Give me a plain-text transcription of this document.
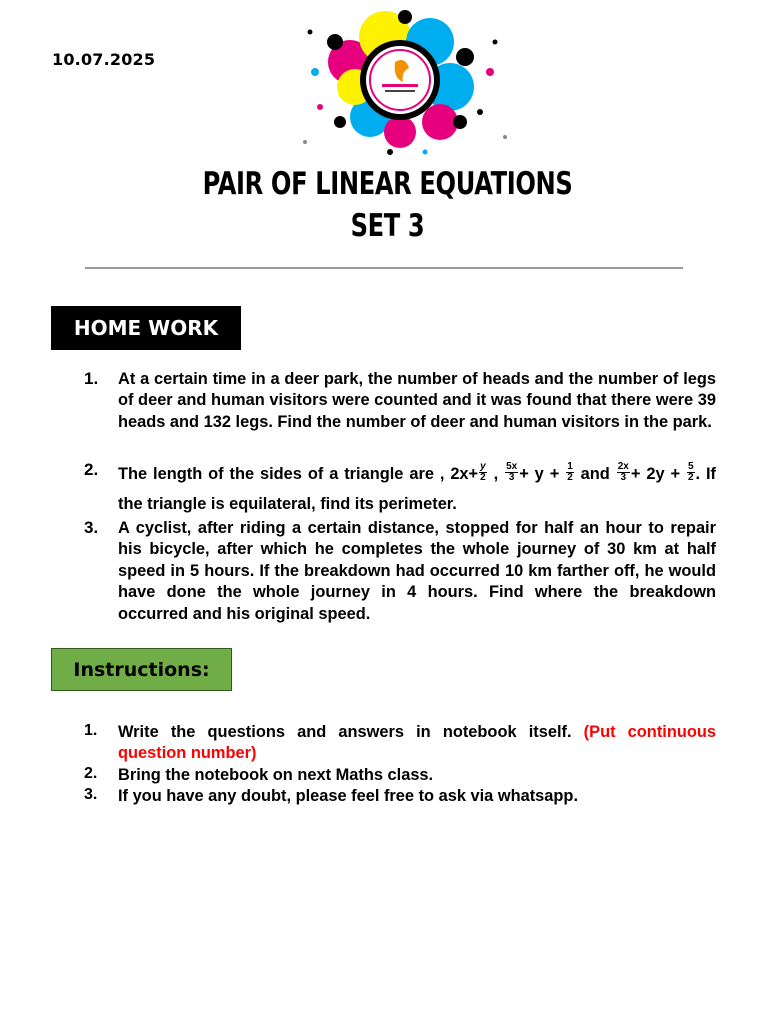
10.07.2025
PAIR OF LINEAR EQUATIONS
SET 3
HOME WORK
1. At a certain time in a deer park, the number of heads and the number of legs of deer and human visitors were counted and it was found that there were 39 heads and 132 legs. Find the number of deer and human visitors in the park.
2. The length of the sides of a triangle are , $2x+ \frac{y}{2}$ , $\frac{5x}{3} + y + \frac{1}{2}$ and $\frac{2x}{3} + 2y + \frac{5}{2}$ . If the triangle is equilateral, find its perimeter.
3. A cyclist, after riding a certain distance, stopped for half an hour to repair his bicycle, after which he completes the whole journey of 30 km at half speed in 5 hours. If the breakdown had occurred 10 km farther off, he would have done the whole journey in 4 hours. Find where the breakdown occurred and his original speed.
Instructions:
1. Write the questions and answers in notebook itself. (Put continuous question number)
2. Bring the notebook on next Maths class.
3. If you have any doubt, please feel free to ask via whatsapp.
